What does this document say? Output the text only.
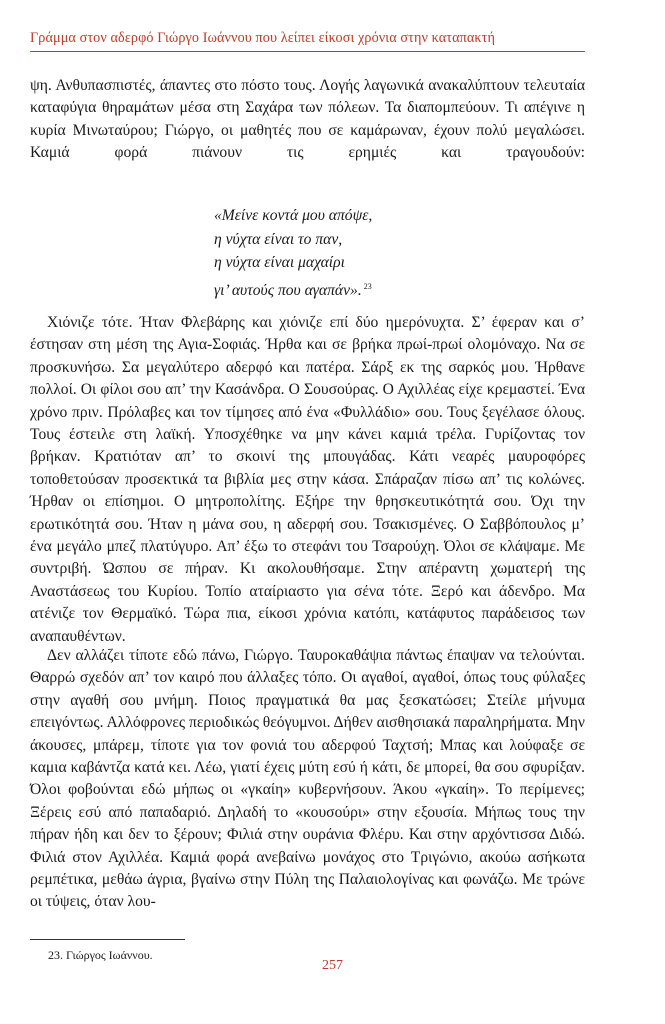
Γράμμα στον αδερφό Γιώργο Ιωάννου που λείπει είκοσι χρόνια στην καταπακτή

ψη. Ανθυπασπιστές, άπαντες στο πόστο τους. Λογής λαγωνικά ανακαλύπτουν τελευταία καταφύγια θηραμάτων μέσα στη Σαχάρα των πόλεων. Τα διαπομπεύουν. Τι απέγινε η κυρία Μινωταύρου; Γιώργο, οι μαθητές που σε καμάρωναν, έχουν πολύ μεγαλώσει. Καμιά φορά πιάνουν τις ερημιές και τραγουδούν:

«Μείνε κοντά μου απόψε,
η νύχτα είναι το παν,
η νύχτα είναι μαχαίρι
γι’ αυτούς που αγαπάν». $^{23}$

Χιόνιζε τότε. Ήταν Φλεβάρης και χιόνιζε επί δύο ημερόνυχτα. Σ’ έφεραν και σ’ έστησαν στη μέση της Αγια-Σοφιάς. Ήρθα και σε βρήκα πρωί-πρωί ολομόναχο. Να σε προσκυνήσω. Σα μεγαλύτερο αδερφό και πατέρα. Σάρξ εκ της σαρκός μου. Ήρθανε πολλοί. Οι φίλοι σου απ’ την Κασάνδρα. Ο Σουσούρας. Ο Αχιλλέας είχε κρεμαστεί. Ένα χρόνο πριν. Πρόλαβες και τον τίμησες από ένα «Φυλλάδιο» σου. Τους ξεγέλασε όλους. Τους έστειλε στη λαϊκή. Υποσχέθηκε να μην κάνει καμιά τρέλα. Γυρίζοντας τον βρήκαν. Κρατιόταν απ’ το σκοινί της μπουγάδας. Κάτι νεαρές μαυροφόρες τοποθετούσαν προσεκτικά τα βιβλία μες στην κάσα. Σπάραζαν πίσω απ’ τις κολώνες. Ήρθαν οι επίσημοι. Ο μητροπολίτης. Εξήρε την θρησκευτικότητά σου. Όχι την ερωτικότητά σου. Ήταν η μάνα σου, η αδερφή σου. Τσακισμένες. Ο Σαββόπουλος μ’ ένα μεγάλο μπεζ πλατύγυρο. Απ’ έξω το στεφάνι του Τσαρούχη. Όλοι σε κλάψαμε. Με συντριβή. Ώσπου σε πήραν. Κι ακολουθήσαμε. Στην απέραντη χωματερή της Αναστάσεως του Κυρίου. Τοπίο αταίριαστο για σένα τότε. Ξερό και άδενδρο. Μα ατένιζε τον Θερμαϊκό. Τώρα πια, είκοσι χρόνια κατόπι, κατάφυτος παράδεισος των αναπαυθέντων.

Δεν αλλάζει τίποτε εδώ πάνω, Γιώργο. Ταυροκαθάψια πάντως έπαψαν να τελούνται. Θαρρώ σχεδόν απ’ τον καιρό που άλλαξες τόπο. Οι αγαθοί, αγαθοί, όπως τους φύλαξες στην αγαθή σου μνήμη. Ποιος πραγματικά θα μας ξεσκατώσει; Στείλε μήνυμα επειγόντως. Αλλόφρονες περιοδικώς θεόγυμνοι. Δήθεν αισθησιακά παραληρήματα. Μην άκουσες, μπάρεμ, τίποτε για τον φονιά του αδερφού Ταχτσή; Μπας και λούφαξε σε καμια καβάντζα κατά κει. Λέω, γιατί έχεις μύτη εσύ ή κάτι, δε μπορεί, θα σου σφυρίξαν. Όλοι φοβούνται εδώ μήπως οι «γκαίη» κυβερνήσουν. Άκου «γκαίη». Το περίμενες; Ξέρεις εσύ από παπαδαριό. Δηλαδή το «κουσούρι» στην εξουσία. Μήπως τους την πήραν ήδη και δεν το ξέρουν; Φιλιά στην ουράνια Φλέρυ. Και στην αρχόντισσα Διδώ. Φιλιά στον Αχιλλέα. Καμιά φορά ανεβαίνω μονάχος στο Τριγώνιο, ακούω ασήκωτα ρεμπέτικα, μεθάω άγρια, βγαίνω στην Πύλη της Παλαιολογίνας και φωνάζω. Με τρώνε οι τύψεις, όταν λου-

23. Γιώργος Ιωάννου.
257
